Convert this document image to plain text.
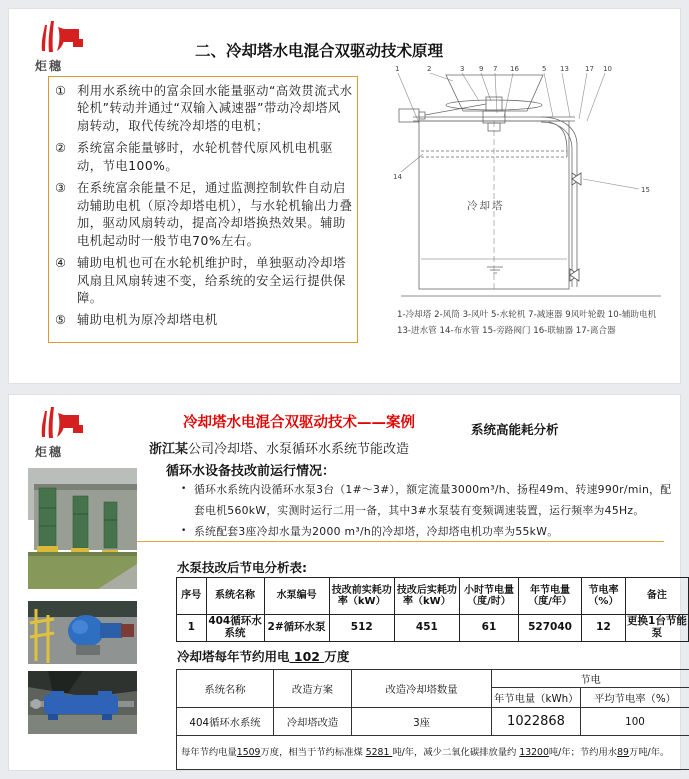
炬穗
二、冷却塔水电混合双驱动技术原理
① 利用水系统中的富余回水能量驱动“高效贯流式水轮机”转动并通过“双输入减速器”带动冷却塔风扇转动，取代传统冷却塔的电机；
② 系统富余能量够时，水轮机替代原风机电机驱动，节电100%。
③ 在系统富余能量不足，通过监测控制软件自动启动辅助电机（原冷却塔电机），与水轮机输出力叠加，驱动风扇转动，提高冷却塔换热效果。辅助电机起动时一般节电70%左右。
④ 辅助电机也可在水轮机维护时，单独驱动冷却塔风扇且风扇转速不变，给系统的安全运行提供保障。
⑤ 辅助电机为原冷却塔电机
1	2	3 9 7 16	5 13 17 10
14
15
冷却塔
1-冷却塔 2-风筒 3-风叶 5-水轮机 7-减速器 9风叶轮毂 10-辅助电机
13-进水管 14-布水管 15-旁路阀门 16-联轴器 17-离合器
炬穗
冷却塔水电混合双驱动技术——案例	系统高能耗分析
浙江某公司冷却塔、水泵循环水系统节能改造
循环水设备技改前运行情况：
• 循环水系统内设循环水泵3台（1#～3#），额定流量3000m³/h、扬程49m、转速990r/min，配套电机560kW，实测时运行二用一备，其中3#水泵装有变频调速装置，运行频率为45Hz。
• 系统配套3座冷却水量为2000 m³/h的冷却塔，冷却塔电机功率为55kW。
水泵技改后节电分析表:
序号	系统名称	水泵编号	技改前实耗功率（kW）	技改后实耗功率（kW）	小时节电量（度/时）	年节电量（度/年）	节电率（%）	备注
1	404循环水系统	2#循环水泵	512	451	61	527040	12	更换1台节能泵
冷却塔每年节约用电 102 万度
系统名称	改造方案	改造冷却塔数量	节电	
			年节电量（kWh）	平均节电率（%）
404循环水系统	冷却塔改造	3座	1022868	100
每年节约电量1509万度，相当于节约标准煤 5281 吨/年，减少二氧化碳排放量约 13200吨/年；节约用水89万吨/年。				
